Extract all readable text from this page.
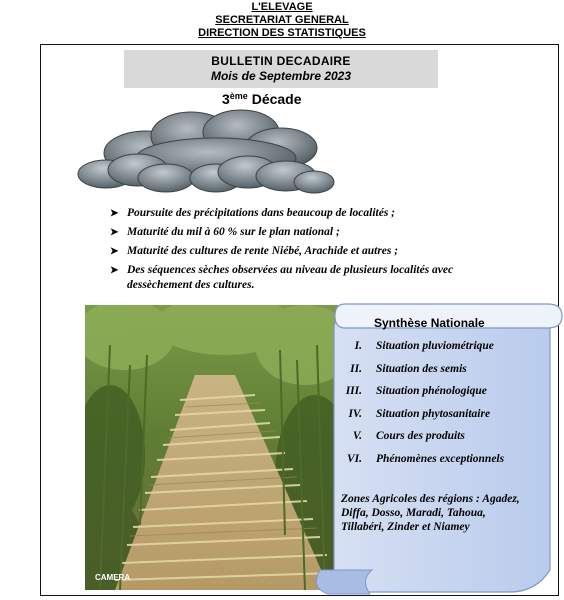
L'ELEVAGE
SECRETARIAT GENERAL
DIRECTION DES STATISTIQUES
BULLETIN DECADAIRE
Mois de Septembre 2023
3ème Décade
➤ Poursuite des précipitations dans beaucoup de localités ;
➤ Maturité du mil à 60 % sur le plan national ;
➤ Maturité des cultures de rente Niébé, Arachide et autres ;
➤ Des séquences sèches observées au niveau de plusieurs localités avec dessèchement des cultures.
CAMERA
Synthèse Nationale
I. Situation pluviométrique
II. Situation des semis
III. Situation phénologique
IV. Situation phytosanitaire
V. Cours des produits
VI. Phénomènes exceptionnels
Zones Agricoles des régions : Agadez, Diffa, Dosso, Maradi, Tahoua, Tillabéri, Zinder et Niamey
